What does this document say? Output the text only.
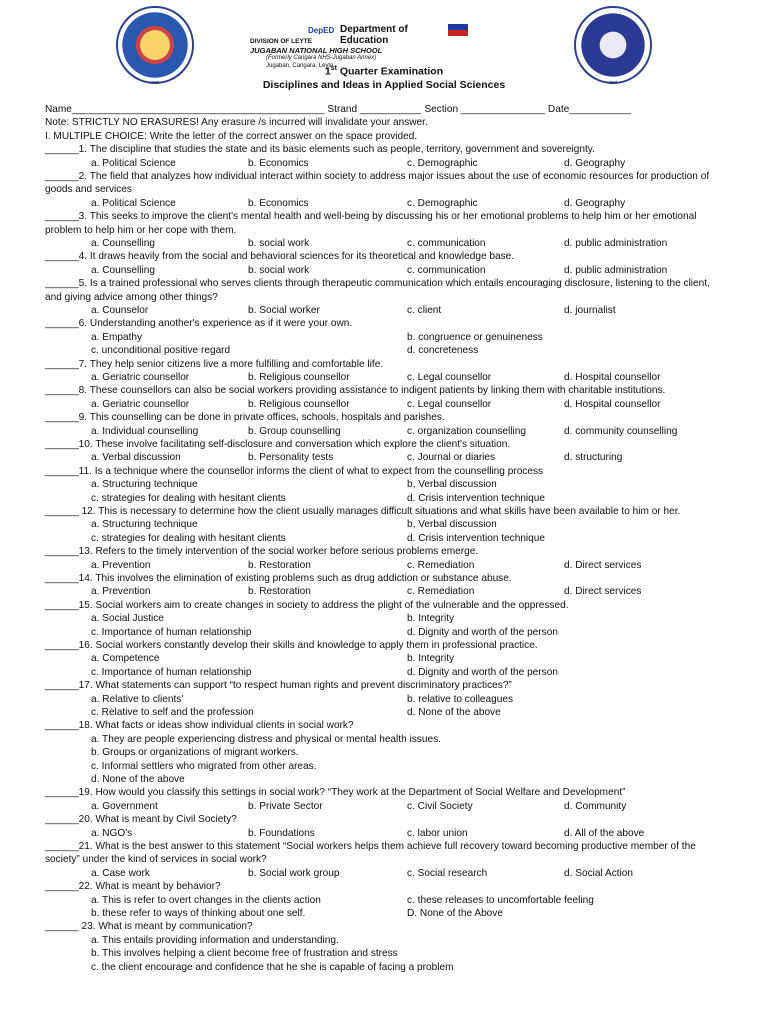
seal
DepED Department of Education
DIVISION OF LEYTE
JUGABAN NATIONAL HIGH SCHOOL
(Formerly Carigara NHS-Jugaban Annex)
Jugaban, Carigara, Leyte
seal
1st Quarter Examination
Disciplines and Ideas in Applied Social Sciences
Name_____________________________________________ Strand ___________ Section _______________ Date___________
Note: STRICTLY NO ERASURES! Any erasure /s incurred will invalidate your answer.
I. MULTIPLE CHOICE: Write the letter of the correct answer on the space provided.
______1. The discipline that studies the state and its basic elements such as people, territory, government and sovereignty.
a. Political Science	b. Economics	c. Demographic	d. Geography
______2. The field that analyzes how individual interact within society to address major issues about the use of economic resources for production of goods and services
a. Political Science	b. Economics	c. Demographic	d. Geography
______3. This seeks to improve the client's mental health and well-being by discussing his or her emotional problems to help him or her emotional problem to help him or her cope with them.
a. Counselling	b. social work	c. communication	d. public administration
______4. It draws heavily from the social and behavioral sciences for its theoretical and knowledge base.
a. Counselling	b. social work	c. communication	d. public administration
______5. Is a trained professional who serves clients through therapeutic communication which entails encouraging disclosure, listening to the client, and giving advice among other things?
a. Counselor	b. Social worker	c. client	d. journalist
______6. Understanding another's experience as if it were your own.
a. Empathy	b. congruence or genuineness
c. unconditional positive regard	d. concreteness
______7. They help senior citizens live a more fulfilling and comfortable life.
a. Geriatric counsellor	b. Religious counsellor	c. Legal counsellor	d. Hospital counsellor
______8. These counsellors can also be social workers providing assistance to indigent patients by linking them with charitable institutions.
a. Geriatric counsellor	b. Religious counsellor	c. Legal counsellor	d. Hospital counsellor
______9. This counselling can be done in private offices, schools, hospitals and parishes.
a. Individual counselling	b. Group counselling	c. organization counselling	d. community counselling
______10. These involve facilitating self-disclosure and conversation which explore the client's situation.
a. Verbal discussion	b. Personality tests	c. Journal or diaries	d. structuring
______11. Is a technique where the counsellor informs the client of what to expect from the counselling process
a. Structuring technique	b, Verbal discussion
c. strategies for dealing with hesitant clients	d. Crisis intervention technique
______ 12. This is necessary to determine how the client usually manages difficult situations and what skills have been available to him or her.
a. Structuring technique	b, Verbal discussion
c. strategies for dealing with hesitant clients	d. Crisis intervention technique
______13. Refers to the timely intervention of the social worker before serious problems emerge.
a. Prevention	b. Restoration	c. Remediation	d. Direct services
______14. This involves the elimination of existing problems such as drug addiction or substance abuse.
a. Prevention	b. Restoration	c. Remediation	d. Direct services
______15. Social workers aim to create changes in society to address the plight of the vulnerable and the oppressed.
a. Social Justice	b. Integrity
c. Importance of human relationship	d. Dignity and worth of the person
______16. Social workers constantly develop their skills and knowledge to apply them in professional practice.
a. Competence	b. Integrity
c. Importance of human relationship	d. Dignity and worth of the person
______17. What statements can support “to respect human rights and prevent discriminatory practices?”
a. Relative to clients'	b. relative to colleagues
c. Relative to self and the profession	d. None of the above
______18. What facts or ideas show individual clients in social work?
a. They are people experiencing distress and physical or mental health issues.
b. Groups or organizations of migrant workers.
c. Informal settlers who migrated from other areas.
d. None of the above
______19. How would you classify this settings in social work? “They work at the Department of Social Welfare and Development”
a. Government	b. Private Sector	c. Civil Society	d. Community
______20. What is meant by Civil Society?
a. NGO's	b. Foundations	c. labor union	d. All of the above
______21. What is the best answer to this statement “Social workers helps them achieve full recovery toward becoming productive member of the society” under the kind of services in social work?
a. Case work	b. Social work group	c. Social research	d. Social Action
______22. What is meant by behavior?
a. This is refer to overt changes in the clients action	c. these releases to uncomfortable feeling
b. these refer to ways of thinking about one self.	D. None of the Above
______ 23. What is meant by communication?
a. This entails providing information and understanding.
b. This involves helping a client become free of frustration and stress
c. the client encourage and confidence that he she is capable of facing a problem
